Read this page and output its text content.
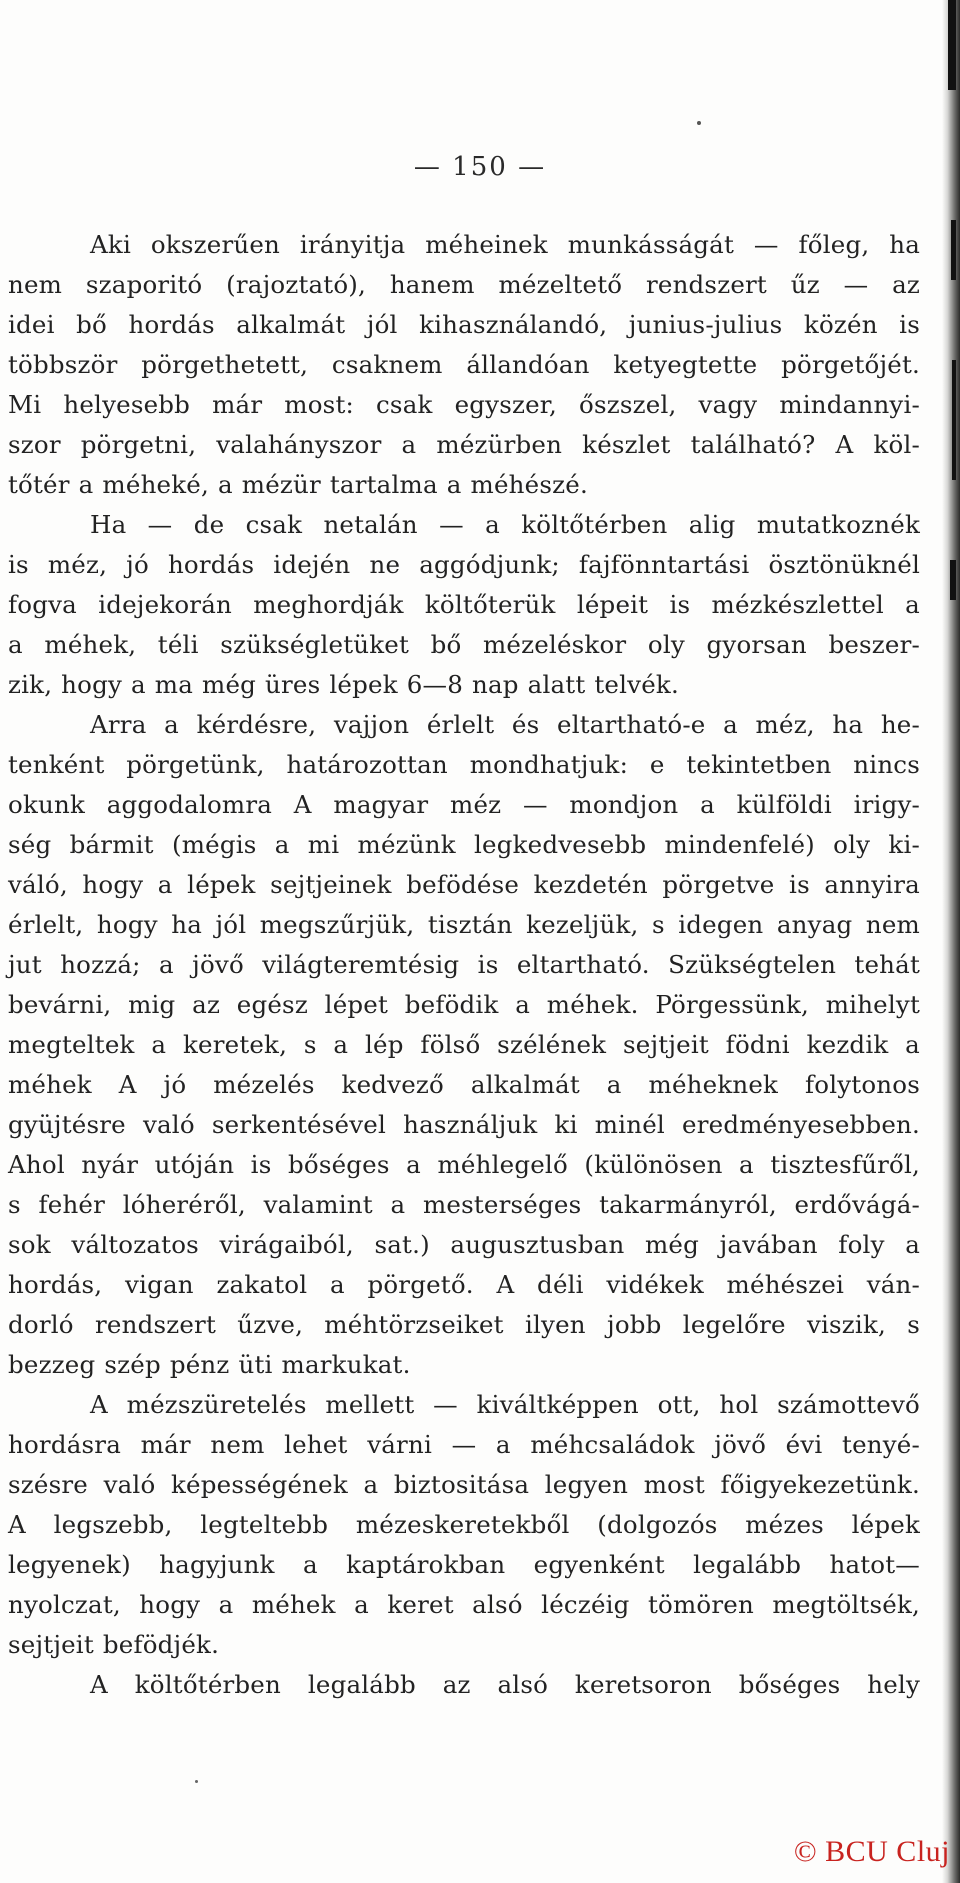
— 150 —
Aki okszerűen irányitja méheinek munkásságát — főleg, ha
nem szaporitó (rajoztató), hanem mézeltető rendszert űz — az
idei bő hordás alkalmát jól kihasználandó, junius-julius közén is
többször pörgethetett, csaknem állandóan ketyegtette pörgetőjét.
Mi helyesebb már most: csak egyszer, őszszel, vagy mindannyi-
szor pörgetni, valahányszor a mézürben készlet található? A köl-
tőtér a méheké, a mézür tartalma a méhészé.
Ha — de csak netalán — a költőtérben alig mutatkoznék
is méz, jó hordás idején ne aggódjunk; fajfönntartási ösztönüknél
fogva idejekorán meghordják költőterük lépeit is mézkészlettel a
a méhek, téli szükségletüket bő mézeléskor oly gyorsan beszer-
zik, hogy a ma még üres lépek 6—8 nap alatt telvék.
Arra a kérdésre, vajjon érlelt és eltartható-e a méz, ha he-
tenként pörgetünk, határozottan mondhatjuk: e tekintetben nincs
okunk aggodalomra A magyar méz — mondjon a külföldi irigy-
ség bármit (mégis a mi mézünk legkedvesebb mindenfelé) oly ki-
váló, hogy a lépek sejtjeinek befödése kezdetén pörgetve is annyira
érlelt, hogy ha jól megszűrjük, tisztán kezeljük, s idegen anyag nem
jut hozzá; a jövő világteremtésig is eltartható. Szükségtelen tehát
bevárni, mig az egész lépet befödik a méhek. Pörgessünk, mihelyt
megteltek a keretek, s a lép fölső szélének sejtjeit födni kezdik a
méhek A jó mézelés kedvező alkalmát a méheknek folytonos
gyüjtésre való serkentésével használjuk ki minél eredményesebben.
Ahol nyár utóján is bőséges a méhlegelő (különösen a tisztesfűről,
s fehér lóheréről, valamint a mesterséges takarmányról, erdővágá-
sok változatos virágaiból, sat.) augusztusban még javában foly a
hordás, vigan zakatol a pörgető. A déli vidékek méhészei ván-
dorló rendszert űzve, méhtörzseiket ilyen jobb legelőre viszik, s
bezzeg szép pénz üti markukat.
A mézszüretelés mellett — kiváltképpen ott, hol számottevő
hordásra már nem lehet várni — a méhcsaládok jövő évi tenyé-
szésre való képességének a biztositása legyen most főigyekezetünk.
A legszebb, legteltebb mézeskeretekből (dolgozós mézes lépek
legyenek) hagyjunk a kaptárokban egyenként legalább hatot—
nyolczat, hogy a méhek a keret alsó léczéig tömören megtöltsék,
sejtjeit befödjék.
A költőtérben legalább az alsó keretsoron bőséges hely
© BCU Cluj
